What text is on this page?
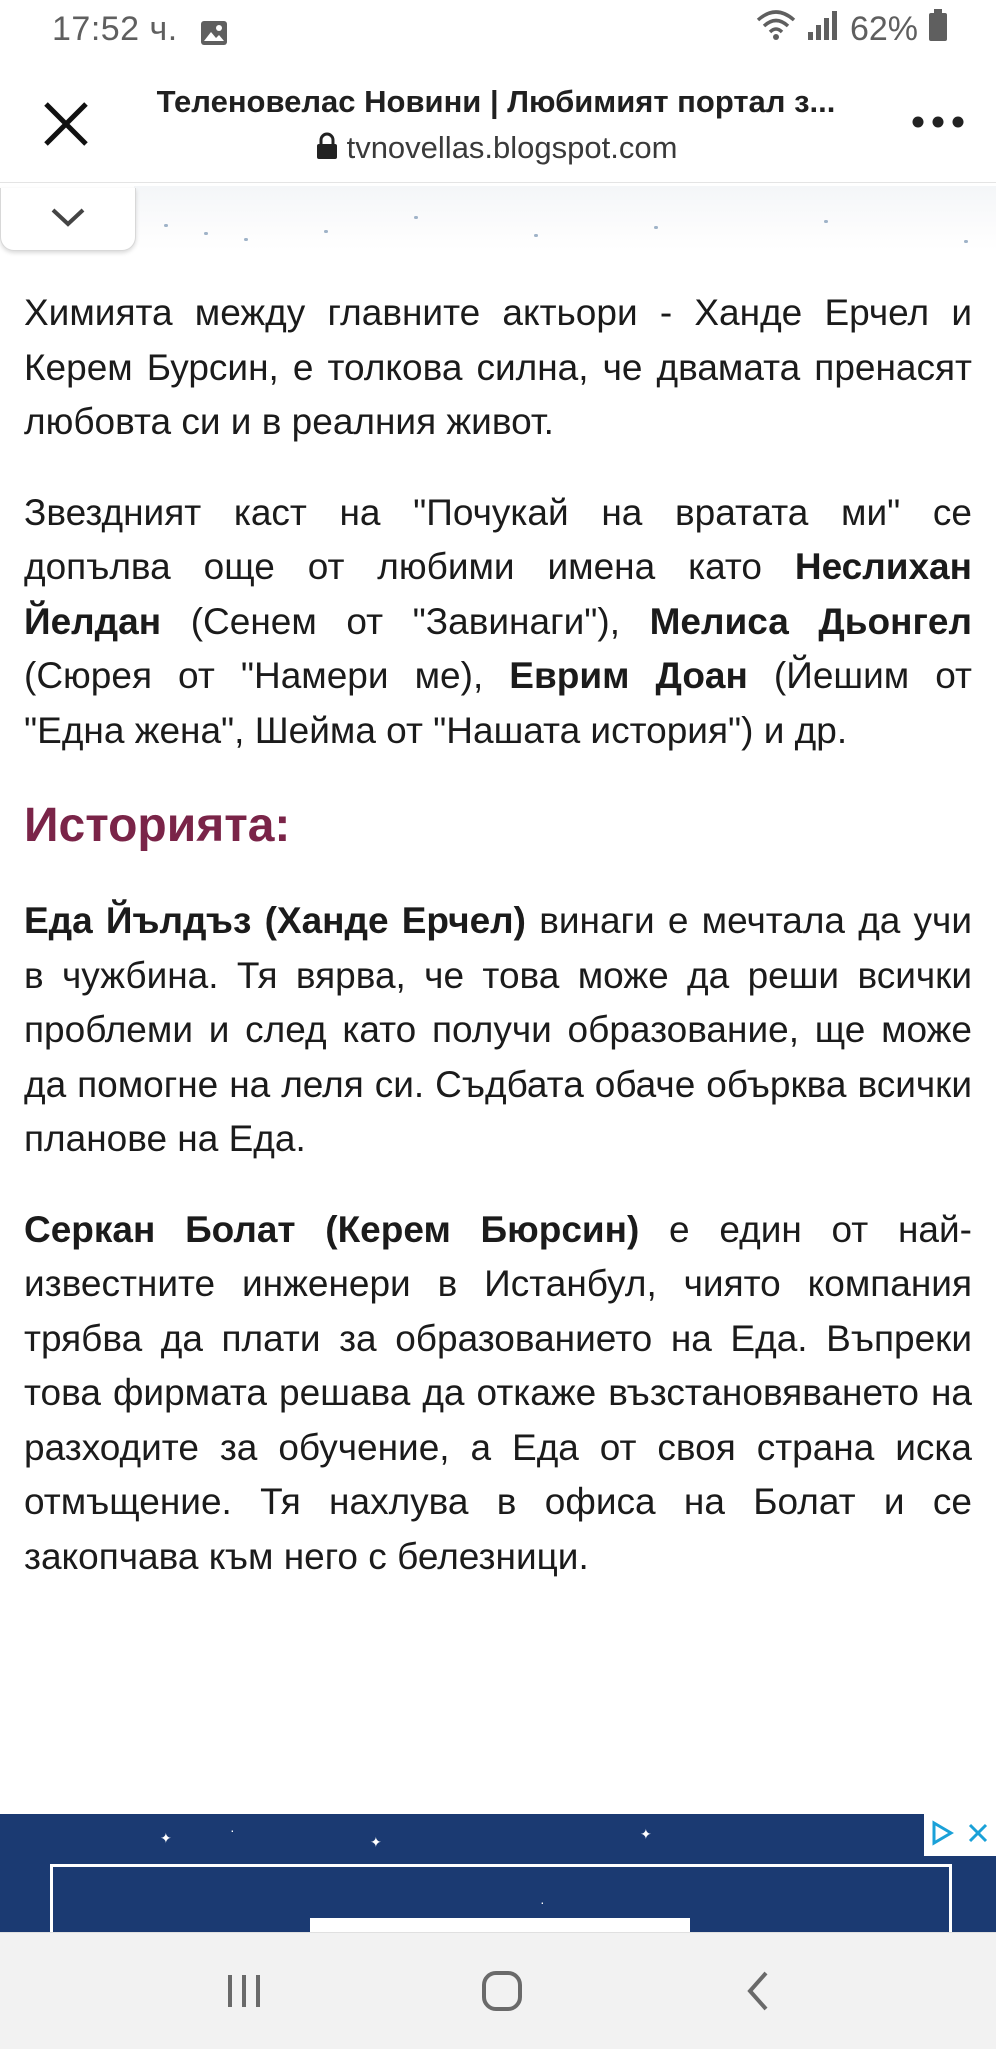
17:52 ч.	62%
Теленовелас Новини | Любимият портал з...
tvnovellas.blogspot.com

Химията между главните актьори - Ханде Ерчел и Керем Бурсин, е толкова силна, че двамата пренасят любовта си и в реалния живот.

Звездният каст на "Почукай на вратата ми" се допълва още от любими имена като Неслихан Йелдан (Сенем от "Завинаги"), Мелиса Дьонгел (Сюрея от "Намери ме), Еврим Доан (Йешим от "Една жена", Шейма от "Нашата история") и др.

Историята:

Еда Йълдъз (Ханде Ерчел) винаги е мечтала да учи в чужбина. Тя вярва, че това може да реши всички проблеми и след като получи образование, ще може да помогне на леля си. Съдбата обаче обърква всички планове на Еда.

Серкан Болат (Керем Бюрсин) е един от най-известните инженери в Истанбул, чиято компания трябва да плати за образованието на Еда. Въпреки това фирмата решава да откаже възстановяването на разходите за обучение, а Еда от своя страна иска отмъщение. Тя нахлува в офиса на Болат и се закопчава към него с белезници.

✦	·
✦	✦
·
